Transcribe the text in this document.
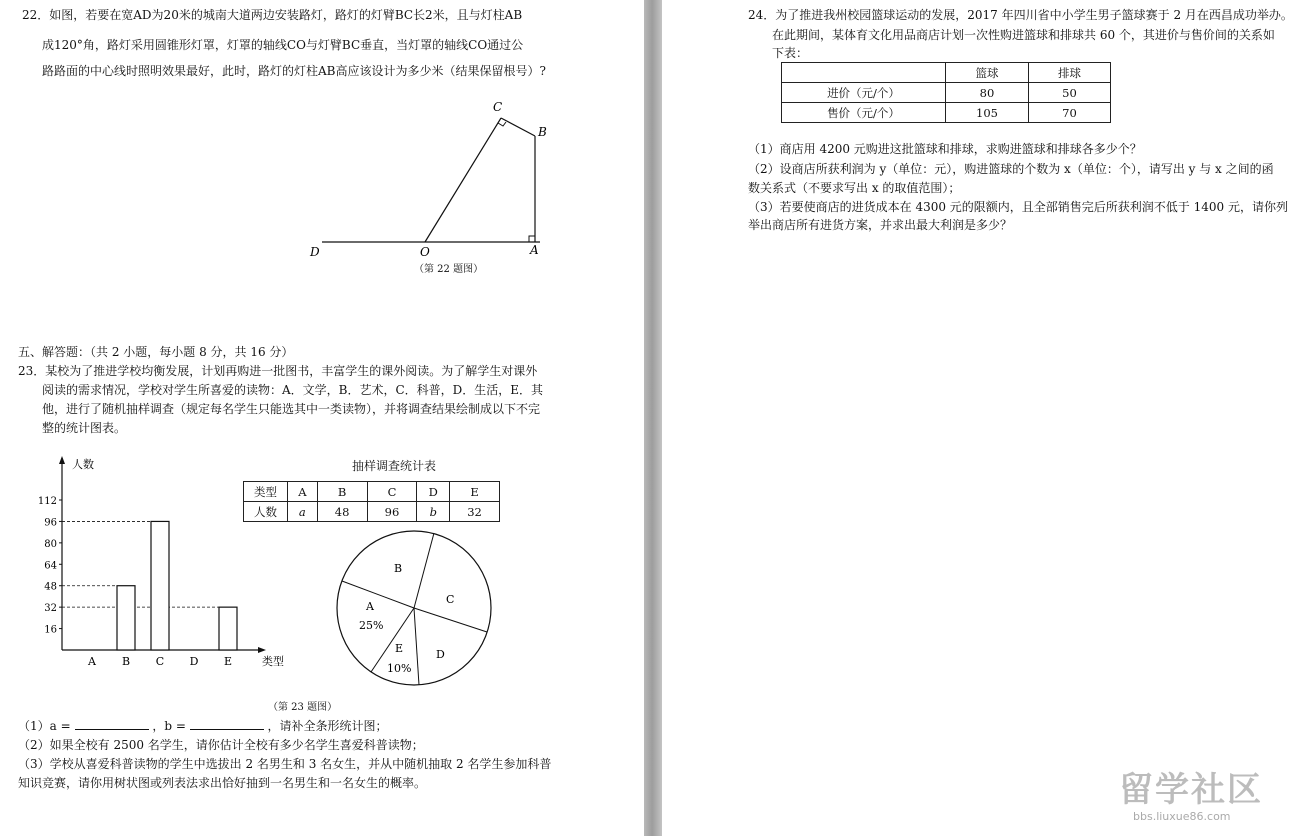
22．如图，若要在宽AD为20米的城南大道两边安装路灯，路灯的灯臂BC长2米，且与灯柱AB
成120°角，路灯采用圆锥形灯罩，灯罩的轴线CO与灯臂BC垂直，当灯罩的轴线CO通过公
路路面的中心线时照明效果最好，此时，路灯的灯柱AB高应该设计为多少米（结果保留根号）?
C
B
D	O	A
（第 22 题图）
五、解答题：（共 2 小题，每小题 8 分，共 16 分）
23．某校为了推进学校均衡发展，计划再购进一批图书，丰富学生的课外阅读。为了解学生对课外
阅读的需求情况，学校对学生所喜爱的读物：A．文学，B．艺术，C．科普，D．生活，E．其
他，进行了随机抽样调查（规定每名学生只能选其中一类读物），并将调查结果绘制成以下不完
整的统计图表。
16
32
48
64
80
96
112
A B C D E
人数
类型
抽样调查统计表
类型	A	B	C	D	E
人数	a	48	96	b	32
B
C
A
25%
D
E
10%
（第 23 题图）
（1）a =	，b =	，请补全条形统计图；
（2）如果全校有 2500 名学生，请你估计全校有多少名学生喜爱科普读物；
（3）学校从喜爱科普读物的学生中选拔出 2 名男生和 3 名女生，并从中随机抽取 2 名学生参加科普
知识竞赛，请你用树状图或列表法求出恰好抽到一名男生和一名女生的概率。
24．为了推进我州校园篮球运动的发展，2017 年四川省中小学生男子篮球赛于 2 月在西昌成功举办。
在此期间，某体育文化用品商店计划一次性购进篮球和排球共 60 个，其进价与售价间的关系如
下表：
	篮球	排球
进价（元/个）	80	50
售价（元/个）	105	70
（1）商店用 4200 元购进这批篮球和排球，求购进篮球和排球各多少个？
（2）设商店所获利润为 y（单位：元），购进篮球的个数为 x（单位：个），请写出 y 与 x 之间的函
数关系式（不要求写出 x 的取值范围）；
（3）若要使商店的进货成本在 4300 元的限额内，且全部销售完后所获利润不低于 1400 元，请你列
举出商店所有进货方案，并求出最大利润是多少？
留学社区
bbs.liuxue86.com
